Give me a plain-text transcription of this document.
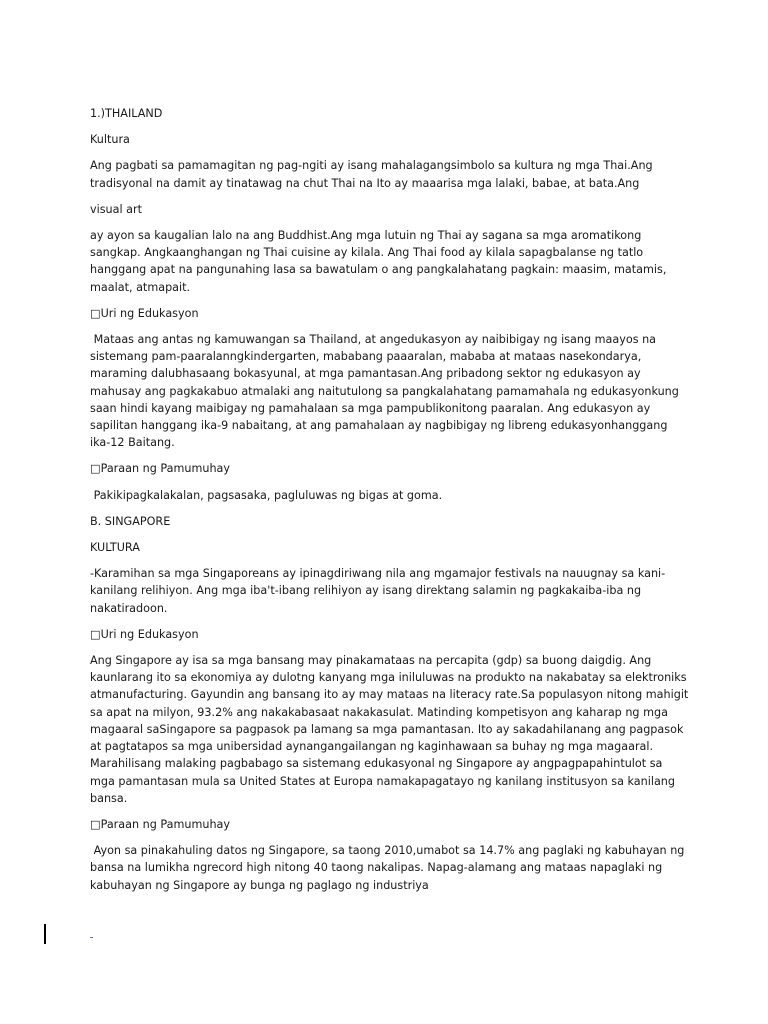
1.)THAILAND

Kultura

Ang pagbati sa pamamagitan ng pag-ngiti ay isang mahalagangsimbolo sa kultura ng mga Thai.Ang tradisyonal na damit ay tinatawag na chut Thai na Ito ay maaarisa mga lalaki, babae, at bata.Ang

visual art

ay ayon sa kaugalian lalo na ang Buddhist.Ang mga lutuin ng Thai ay sagana sa mga aromatikong sangkap. Angkaanghangan ng Thai cuisine ay kilala. Ang Thai food ay kilala sapagbalanse ng tatlo hanggang apat na pangunahing lasa sa bawatulam o ang pangkalahatang pagkain: maasim, matamis, maalat, atmapait.

□Uri ng Edukasyon

Mataas ang antas ng kamuwangan sa Thailand, at angedukasyon ay naibibigay ng isang maayos na sistemang pam-paaralanngkindergarten, mababang paaaralan, mababa at mataas nasekondarya, maraming dalubhasaang bokasyunal, at mga pamantasan.Ang pribadong sektor ng edukasyon ay mahusay ang pagkakabuo atmalaki ang naitutulong sa pangkalahatang pamamahala ng edukasyonkung saan hindi kayang maibigay ng pamahalaan sa mga pampublikonitong paaralan. Ang edukasyon ay sapilitan hanggang ika-9 nabaitang, at ang pamahalaan ay nagbibigay ng libreng edukasyonhanggang ika-12 Baitang.

□Paraan ng Pamumuhay

Pakikipagkalakalan, pagsasaka, pagluluwas ng bigas at goma.

B. SINGAPORE

KULTURA

-Karamihan sa mga Singaporeans ay ipinagdiriwang nila ang mgamajor festivals na nauugnay sa kani-kanilang relihiyon. Ang mga iba't-ibang relihiyon ay isang direktang salamin ng pagkakaiba-iba ng nakatiradoon.

□Uri ng Edukasyon

Ang Singapore ay isa sa mga bansang may pinakamataas na percapita (gdp) sa buong daigdig. Ang kaunlarang ito sa ekonomiya ay dulotng kanyang mga iniluluwas na produkto na nakabatay sa elektroniks atmanufacturing. Gayundin ang bansang ito ay may mataas na literacy rate.Sa populasyon nitong mahigit sa apat na milyon, 93.2% ang nakakabasaat nakakasulat. Matinding kompetisyon ang kaharap ng mga magaaral saSingapore sa pagpasok pa lamang sa mga pamantasan. Ito ay sakadahilanang ang pagpasok at pagtatapos sa mga unibersidad aynangangailangan ng kaginhawaan sa buhay ng mga magaaral. Marahilisang malaking pagbabago sa sistemang edukasyonal ng Singapore ay angpagpapahintulot sa mga pamantasan mula sa United States at Europa namakapagatayo ng kanilang institusyon sa kanilang bansa.

□Paraan ng Pamumuhay

Ayon sa pinakahuling datos ng Singapore, sa taong 2010,umabot sa 14.7% ang paglaki ng kabuhayan ng bansa na lumikha ngrecord high nitong 40 taong nakalipas. Napag-alamang ang mataas napaglaki ng kabuhayan ng Singapore ay bunga ng paglago ng industriya
